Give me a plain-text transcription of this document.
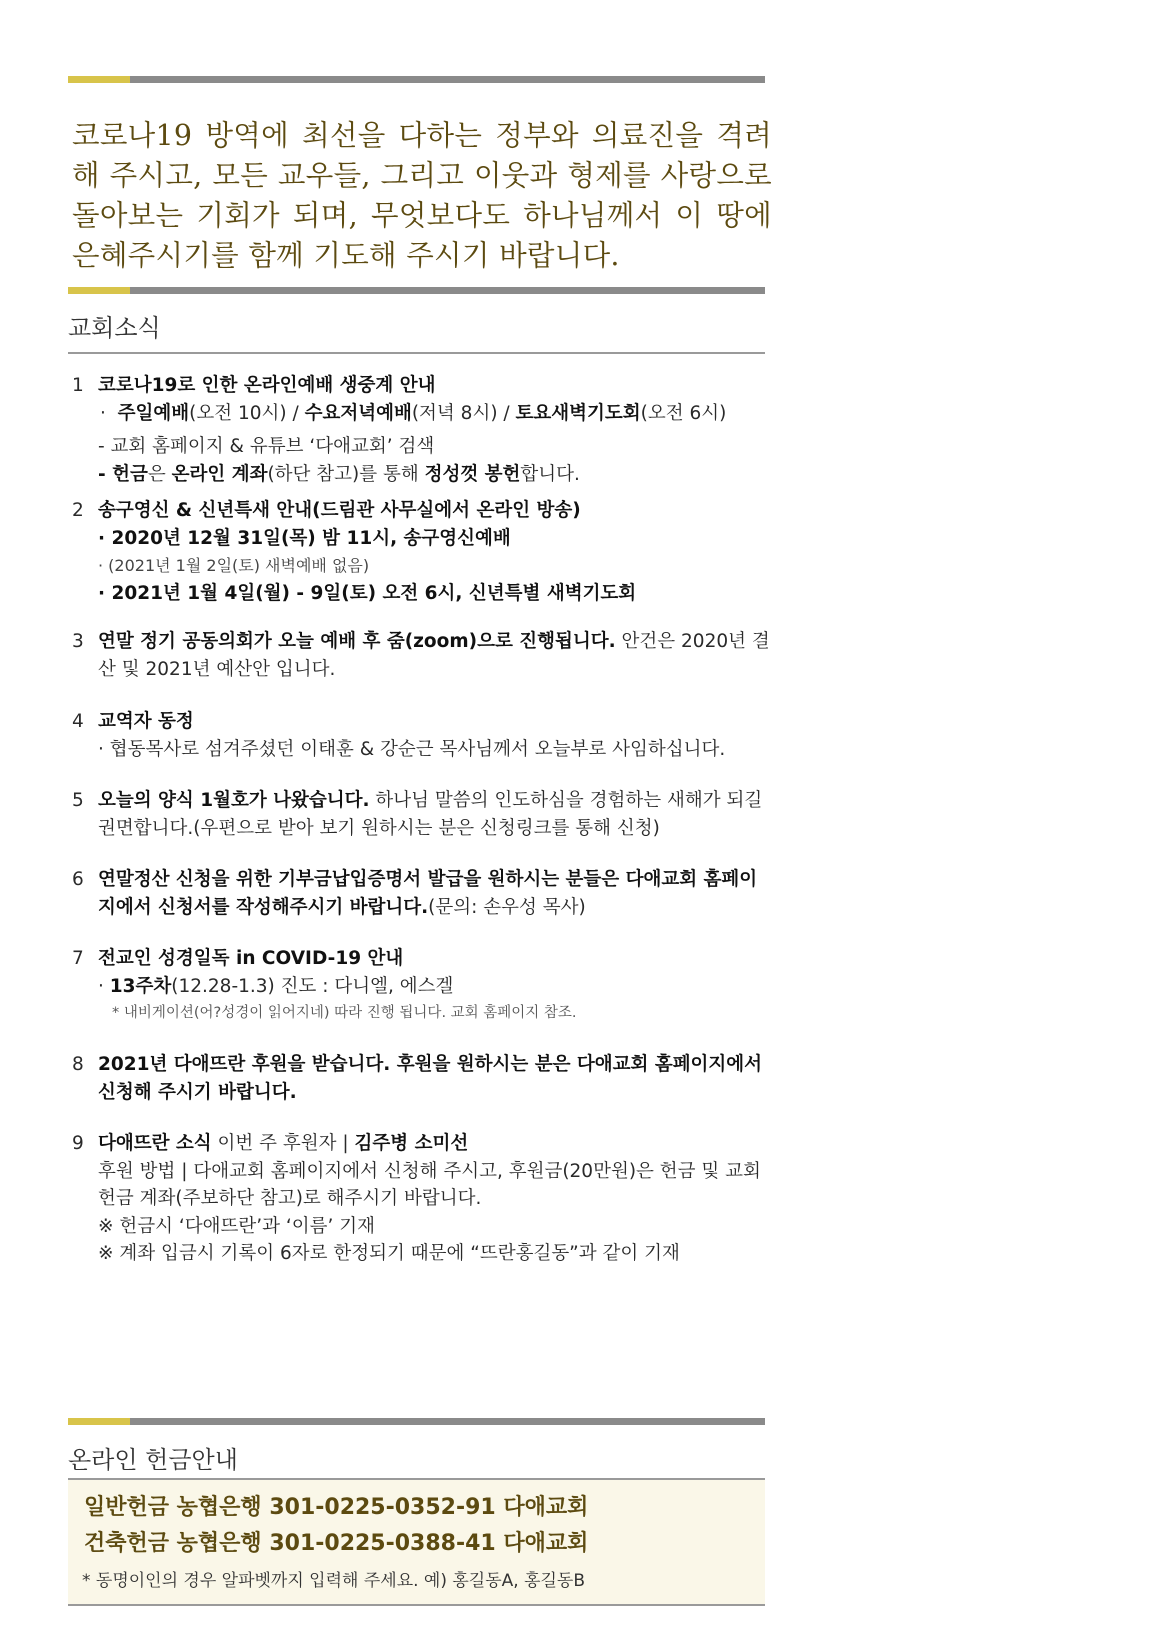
코로나19 방역에 최선을 다하는 정부와 의료진을 격려해 주시고, 모든 교우들, 그리고 이웃과 형제를 사랑으로 돌아보는 기회가 되며, 무엇보다도 하나님께서 이 땅에 은혜주시기를 함께 기도해 주시기 바랍니다.
교회소식
1 코로나19로 인한 온라인예배 생중계 안내
· 주일예배(오전 10시) / 수요저녁예배(저녁 8시) / 토요새벽기도회(오전 6시)
- 교회 홈페이지 & 유튜브 ‘다애교회’ 검색
- 헌금은 온라인 계좌(하단 참고)를 통해 정성껏 봉헌합니다.
2 송구영신 & 신년특새 안내(드림관 사무실에서 온라인 방송)
· 2020년 12월 31일(목) 밤 11시, 송구영신예배
· (2021년 1월 2일(토) 새벽예배 없음)
· 2021년 1월 4일(월) - 9일(토) 오전 6시, 신년특별 새벽기도회
3 연말 정기 공동의회가 오늘 예배 후 줌(zoom)으로 진행됩니다. 안건은 2020년 결산 및 2021년 예산안 입니다.
4 교역자 동정
· 협동목사로 섬겨주셨던 이태훈 & 강순근 목사님께서 오늘부로 사임하십니다.
5 오늘의 양식 1월호가 나왔습니다. 하나님 말씀의 인도하심을 경험하는 새해가 되길 권면합니다.(우편으로 받아 보기 원하시는 분은 신청링크를 통해 신청)
6 연말정산 신청을 위한 기부금납입증명서 발급을 원하시는 분들은 다애교회 홈페이지에서 신청서를 작성해주시기 바랍니다.(문의: 손우성 목사)
7 전교인 성경일독 in COVID-19 안내
· 13주차(12.28-1.3) 진도 : 다니엘, 에스겔
* 내비게이션(어?성경이 읽어지네) 따라 진행 됩니다. 교회 홈페이지 참조.
8 2021년 다애뜨란 후원을 받습니다. 후원을 원하시는 분은 다애교회 홈페이지에서 신청해 주시기 바랍니다.
9 다애뜨란 소식 이번 주 후원자 | 김주병 소미선
후원 방법 | 다애교회 홈페이지에서 신청해 주시고, 후원금(20만원)은 헌금 및 교회헌금 계좌(주보하단 참고)로 해주시기 바랍니다.
※ 헌금시 ‘다애뜨란’과 ‘이름’ 기재
※ 계좌 입금시 기록이 6자로 한정되기 때문에 “뜨란홍길동”과 같이 기재
온라인 헌금안내
일반헌금 농협은행 301-0225-0352-91 다애교회
건축헌금 농협은행 301-0225-0388-41 다애교회
* 동명이인의 경우 알파벳까지 입력해 주세요. 예) 홍길동A, 홍길동B
